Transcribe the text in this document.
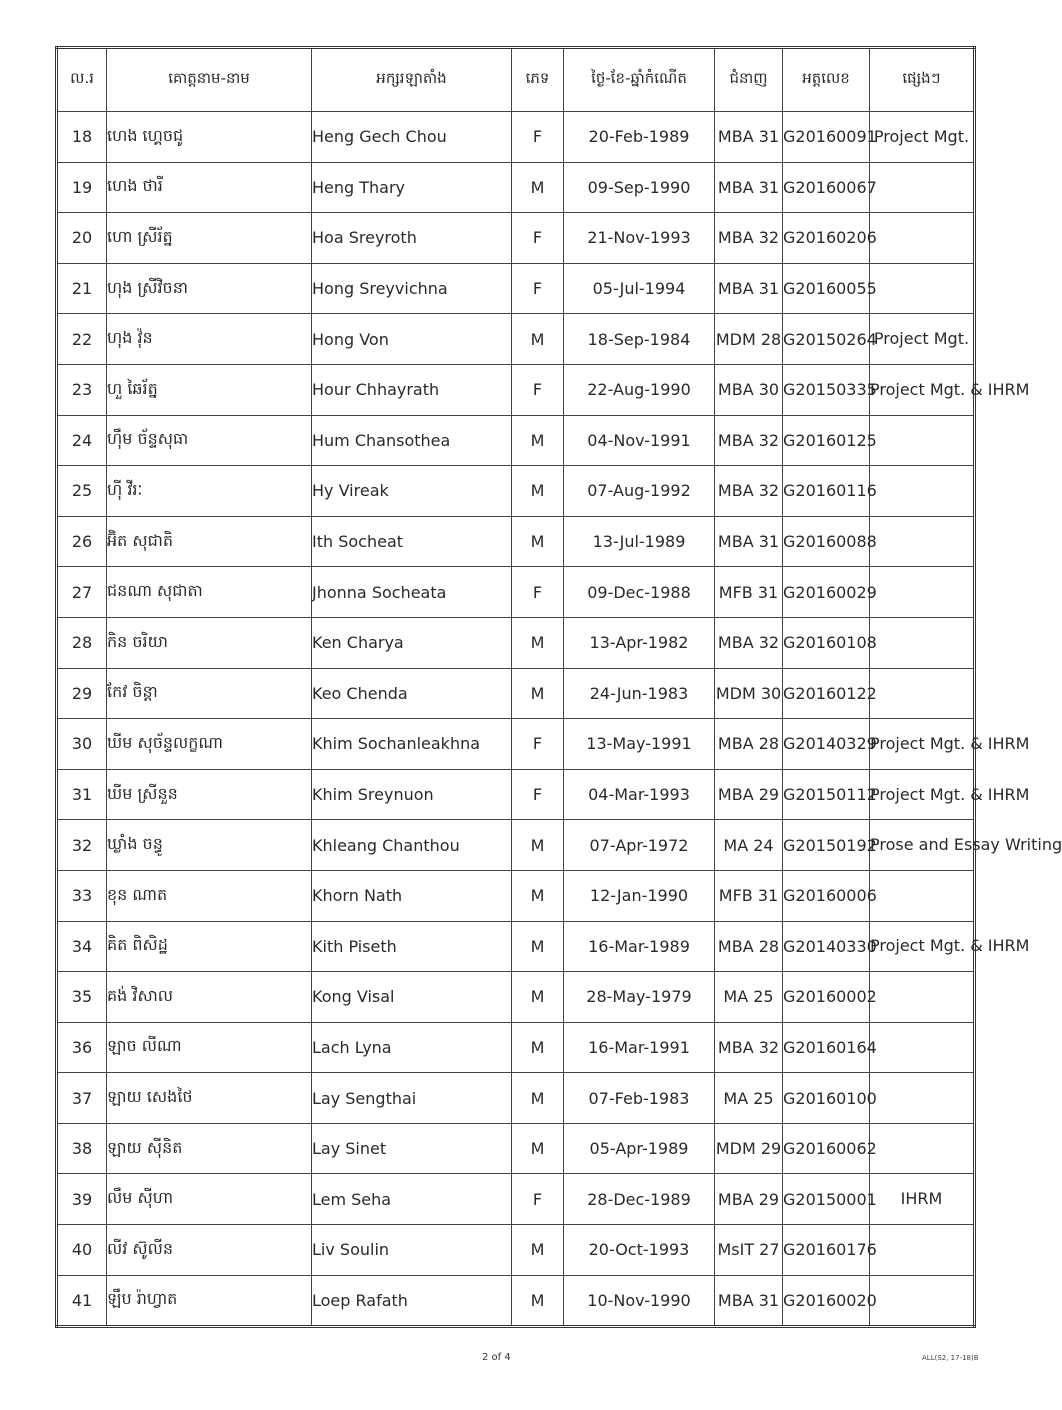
ល.រ	គោត្តនាម-នាម	អក្សរឡាតាំង	ភេទ	ថ្ងៃ-ខែ-ឆ្នាំកំណើត	ជំនាញ	អត្តលេខ	ផ្សេងៗ
18	ហេង ហ្គេចជូ	Heng Gech Chou	F	20-Feb-1989	MBA 31	G20160091	Project Mgt.
19	ហេង ថារី	Heng Thary	M	09-Sep-1990	MBA 31	G20160067	
20	ហោ ស្រីរ័ត្ន	Hoa Sreyroth	F	21-Nov-1993	MBA 32	G20160206	
21	ហុង ស្រីវិចនា	Hong Sreyvichna	F	05-Jul-1994	MBA 31	G20160055	
22	ហុង វ៉ុន	Hong Von	M	18-Sep-1984	MDM 28	G20150264	Project Mgt.
23	ហួ ឆៃរ័ត្ន	Hour Chhayrath	F	22-Aug-1990	MBA 30	G20150335	Project Mgt. & IHRM
24	ហ៊ឹម ច័ន្ទសុធា	Hum Chansothea	M	04-Nov-1991	MBA 32	G20160125	
25	ហ៊ី វីរៈ	Hy Vireak	M	07-Aug-1992	MBA 32	G20160116	
26	អ៊ិត សុជាតិ	Ith Socheat	M	13-Jul-1989	MBA 31	G20160088	
27	ជនណា សុជាតា	Jhonna Socheata	F	09-Dec-1988	MFB 31	G20160029	
28	កិន ចរិយា	Ken Charya	M	13-Apr-1982	MBA 32	G20160108	
29	កែវ ចិន្តា	Keo Chenda	M	24-Jun-1983	MDM 30	G20160122	
30	ឃីម សុច័ន្ទលក្ខណា	Khim Sochanleakhna	F	13-May-1991	MBA 28	G20140329	Project Mgt. & IHRM
31	ឃីម ស្រីនួន	Khim Sreynuon	F	04-Mar-1993	MBA 29	G20150112	Project Mgt. & IHRM
32	ឃ្លាំង ចន្ធូ	Khleang Chanthou	M	07-Apr-1972	MA 24	G20150192	Prose and Essay Writing
33	ខុន ណាត	Khorn Nath	M	12-Jan-1990	MFB 31	G20160006	
34	គិត ពិសិដ្ឋ	Kith Piseth	M	16-Mar-1989	MBA 28	G20140330	Project Mgt. & IHRM
35	គង់ វិសាល	Kong Visal	M	28-May-1979	MA 25	G20160002	
36	ឡាច លីណា	Lach Lyna	M	16-Mar-1991	MBA 32	G20160164	
37	ឡាយ សេងថៃ	Lay Sengthai	M	07-Feb-1983	MA 25	G20160100	
38	ឡាយ ស៊ីនិត	Lay Sinet	M	05-Apr-1989	MDM 29	G20160062	
39	លឹម ស៊ីហា	Lem Seha	F	28-Dec-1989	MBA 29	G20150001	IHRM
40	លីវ ស៊ូលីន	Liv Soulin	M	20-Oct-1993	MsIT 27	G20160176	
41	ឡឹប រ៉ាហ្វាត	Loep Rafath	M	10-Nov-1990	MBA 31	G20160020	
2 of 4	ALL(S2, 17-18)B
